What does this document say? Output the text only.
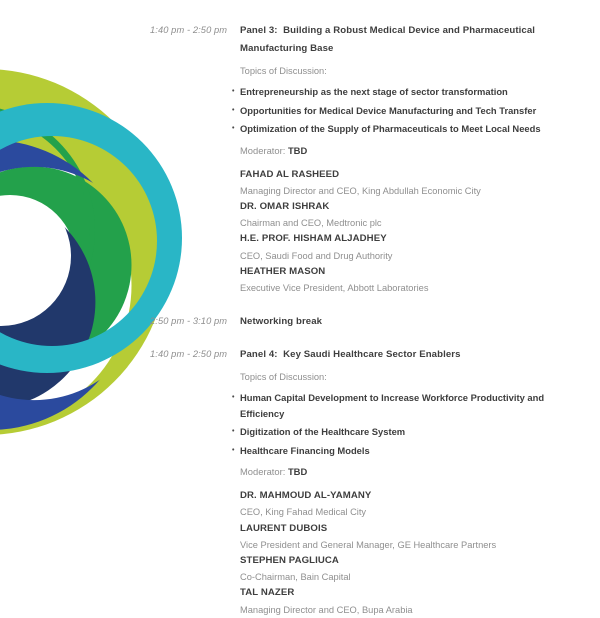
1:40 pm - 2:50 pm Panel 3:  Building a Robust Medical Device and Pharmaceutical Manufacturing Base
Topics of Discussion:
• Entrepreneurship as the next stage of sector transformation
• Opportunities for Medical Device Manufacturing and Tech Transfer
• Optimization of the Supply of Pharmaceuticals to Meet Local Needs
Moderator: TBD
FAHAD AL RASHEED
Managing Director and CEO, King Abdullah Economic City
DR. OMAR ISHRAK
Chairman and CEO, Medtronic plc
H.E. PROF. HISHAM ALJADHEY
CEO, Saudi Food and Drug Authority
HEATHER MASON
Executive Vice President, Abbott Laboratories
2:50 pm - 3:10 pm Networking break
1:40 pm - 2:50 pm Panel 4:  Key Saudi Healthcare Sector Enablers
Topics of Discussion:
• Human Capital Development to Increase Workforce Productivity and Efficiency
• Digitization of the Healthcare System
• Healthcare Financing Models
Moderator: TBD
DR. MAHMOUD AL-YAMANY
CEO, King Fahad Medical City
LAURENT DUBOIS
Vice President and General Manager, GE Healthcare Partners
STEPHEN PAGLIUCA
Co-Chairman, Bain Capital
TAL NAZER
Managing Director and CEO, Bupa Arabia
